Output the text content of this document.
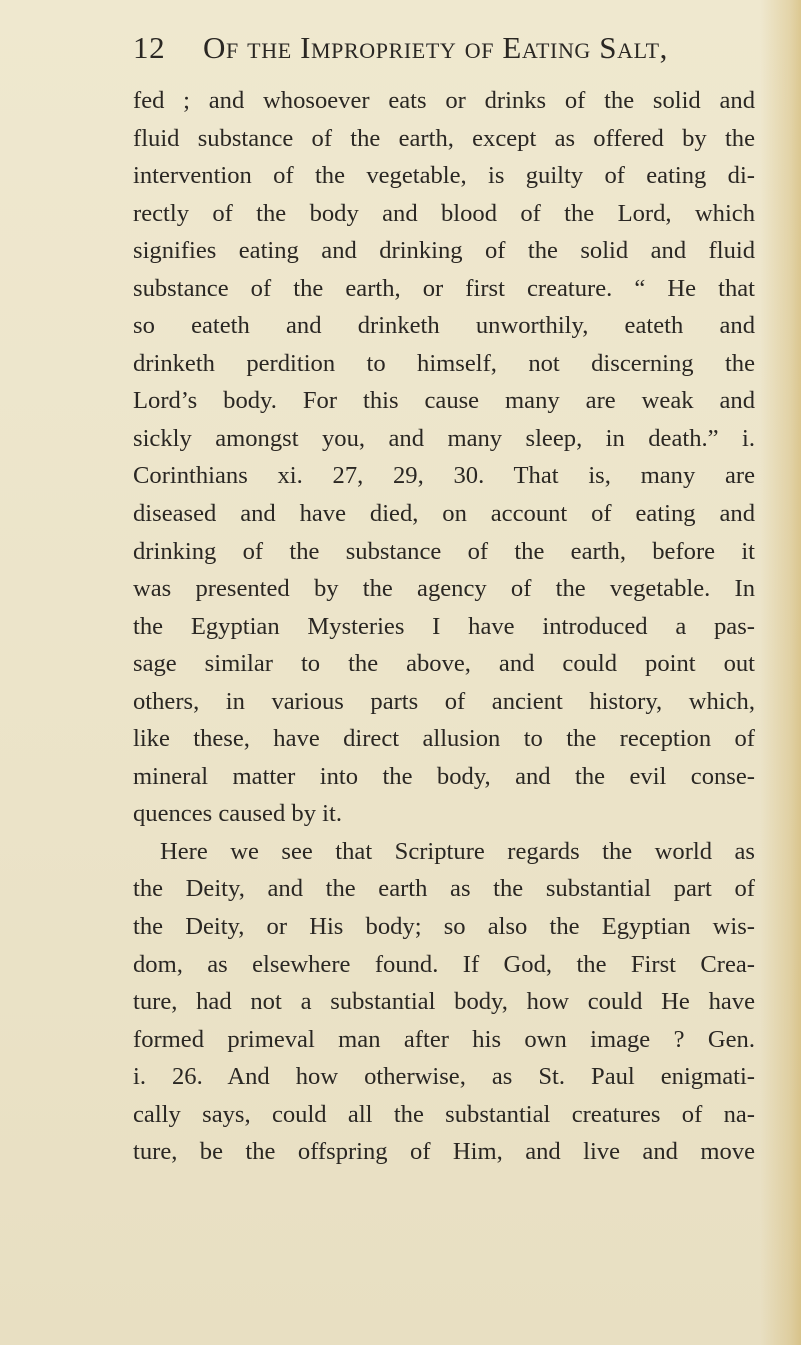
12 Of the Impropriety of Eating Salt,
fed ; and whosoever eats or drinks of the solid and
fluid substance of the earth, except as offered by the
intervention of the vegetable, is guilty of eating di-
rectly of the body and blood of the Lord, which
signifies eating and drinking of the solid and fluid
substance of the earth, or first creature. “ He that
so eateth and drinketh unworthily, eateth and
drinketh perdition to himself, not discerning the
Lord’s body. For this cause many are weak and
sickly amongst you, and many sleep, in death.” i.
Corinthians xi. 27, 29, 30. That is, many are
diseased and have died, on account of eating and
drinking of the substance of the earth, before it
was presented by the agency of the vegetable. In
the Egyptian Mysteries I have introduced a pas-
sage similar to the above, and could point out
others, in various parts of ancient history, which,
like these, have direct allusion to the reception of
mineral matter into the body, and the evil conse-
quences caused by it.
Here we see that Scripture regards the world as
the Deity, and the earth as the substantial part of
the Deity, or His body; so also the Egyptian wis-
dom, as elsewhere found. If God, the First Crea-
ture, had not a substantial body, how could He have
formed primeval man after his own image ? Gen.
i. 26. And how otherwise, as St. Paul enigmati-
cally says, could all the substantial creatures of na-
ture, be the offspring of Him, and live and move
